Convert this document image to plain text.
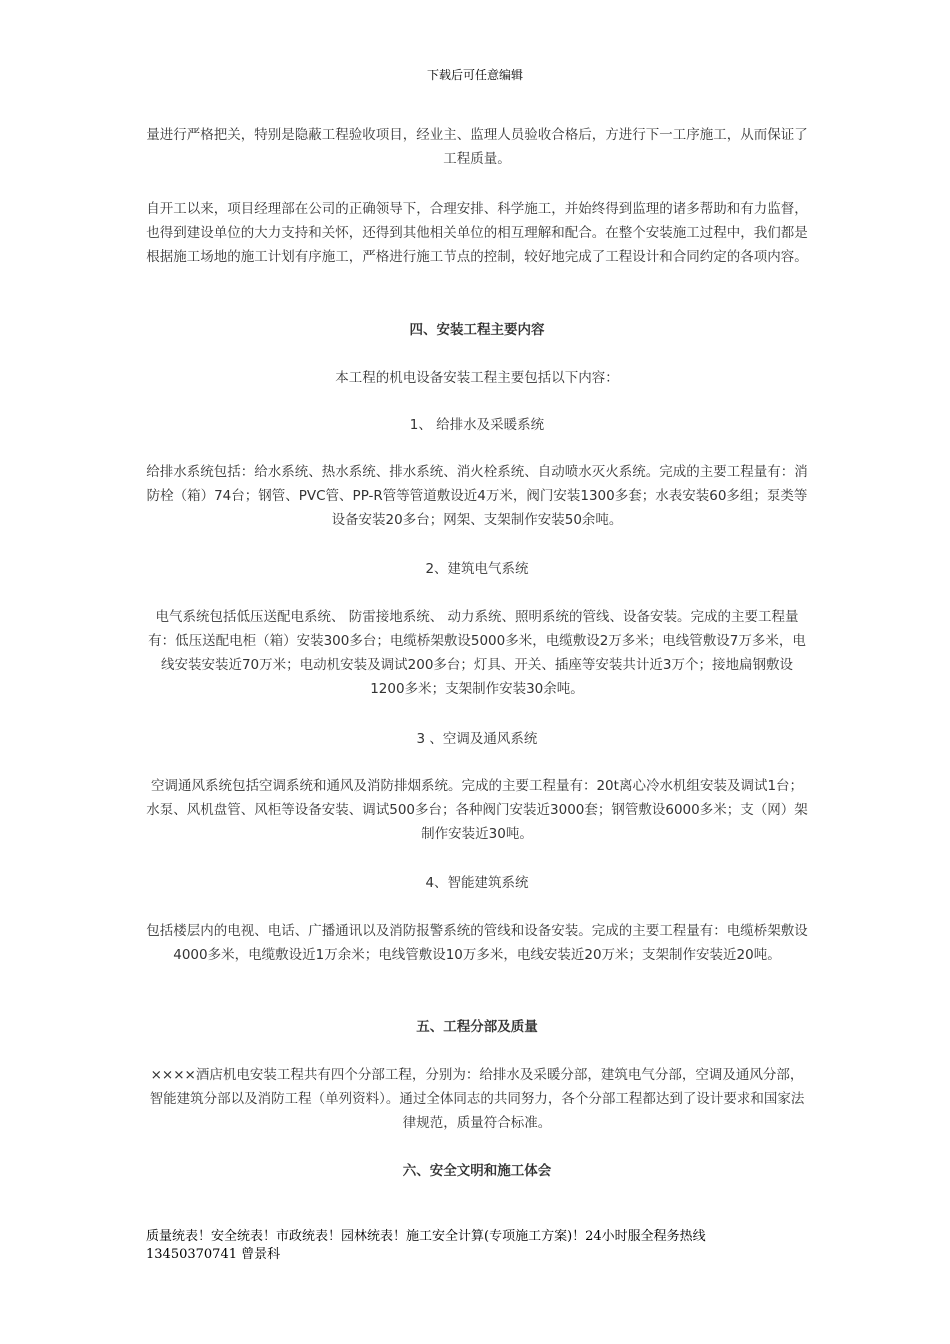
下载后可任意编辑
量进行严格把关，特别是隐蔽工程验收项目，经业主、监理人员验收合格后，方进行下一工序施工，从而保证了工程质量。
自开工以来，项目经理部在公司的正确领导下，合理安排、科学施工，并始终得到监理的诸多帮助和有力监督，也得到建设单位的大力支持和关怀，还得到其他相关单位的相互理解和配合。在整个安装施工过程中，我们都是根据施工场地的施工计划有序施工，严格进行施工节点的控制，较好地完成了工程设计和合同约定的各项内容。
四、安装工程主要内容
本工程的机电设备安装工程主要包括以下内容：
1、 给排水及采暖系统
给排水系统包括：给水系统、热水系统、排水系统、消火栓系统、自动喷水灭火系统。完成的主要工程量有：消防栓（箱）74台；钢管、PVC管、PP-R管等管道敷设近4万米，阀门安装1300多套；水表安装60多组；泵类等设备安装20多台；网架、支架制作安装50余吨。
2、建筑电气系统
电气系统包括低压送配电系统、 防雷接地系统、 动力系统、照明系统的管线、设备安装。完成的主要工程量有：低压送配电柜（箱）安装300多台；电缆桥架敷设5000多米，电缆敷设2万多米；电线管敷设7万多米，电线安装安装近70万米；电动机安装及调试200多台；灯具、开关、插座等安装共计近3万个；接地扁钢敷设1200多米；支架制作安装30余吨。
3 、空调及通风系统
空调通风系统包括空调系统和通风及消防排烟系统。完成的主要工程量有：20t离心冷水机组安装及调试1台；水泵、风机盘管、风柜等设备安装、调试500多台；各种阀门安装近3000套；钢管敷设6000多米；支（网）架制作安装近30吨。
4、智能建筑系统
包括楼层内的电视、电话、广播通讯以及消防报警系统的管线和设备安装。完成的主要工程量有：电缆桥架敷设4000多米，电缆敷设近1万余米；电线管敷设10万多米，电线安装近20万米；支架制作安装近20吨。
五、工程分部及质量
××××酒店机电安装工程共有四个分部工程，分别为：给排水及采暖分部，建筑电气分部，空调及通风分部，智能建筑分部以及消防工程（单列资料）。通过全体同志的共同努力，各个分部工程都达到了设计要求和国家法律规范，质量符合标准。
六、安全文明和施工体会
质量统表！安全统表！市政统表！园林统表！施工安全计算(专项施工方案)！24小时服全程务热线
13450370741 曾景科
